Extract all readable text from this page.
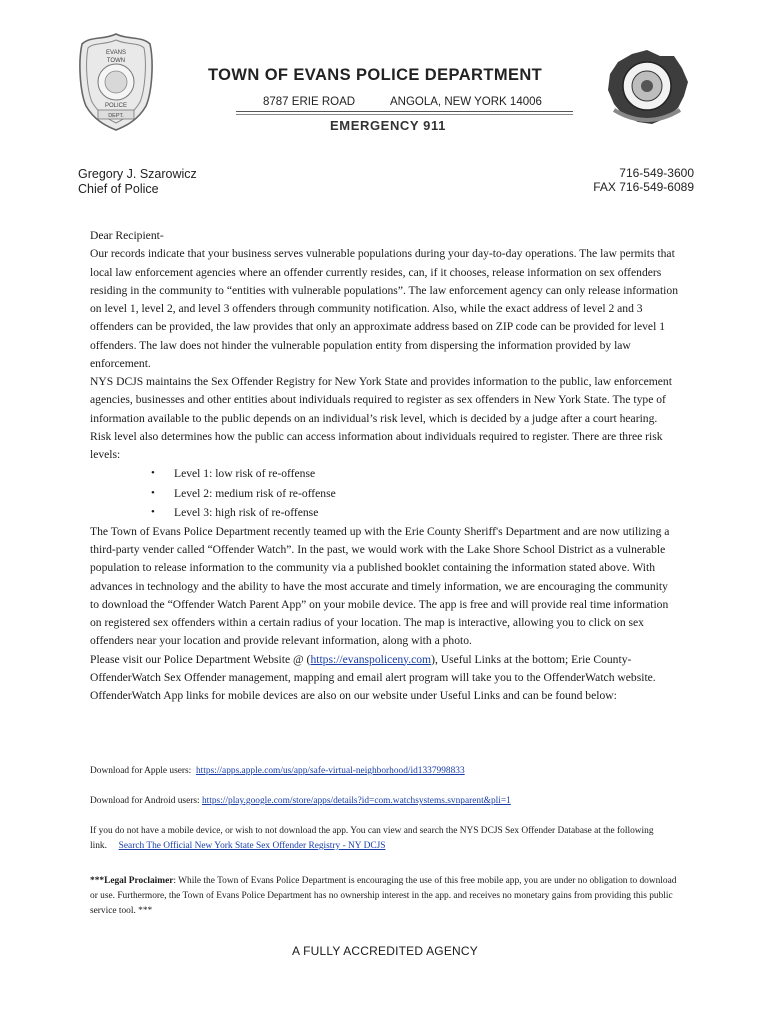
EVANS
TOWN
POLICE
DEPT.
TOWN OF EVANS POLICE DEPARTMENT
8787 ERIE ROAD	ANGOLA, NEW YORK 14006
EMERGENCY 911
Gregory J. Szarowicz
Chief of Police
716-549-3600
FAX 716-549-6089

Dear Recipient-

Our records indicate that your business serves vulnerable populations during your day-to-day operations. The law permits that local law enforcement agencies where an offender currently resides, can, if it chooses, release information on sex offenders residing in the community to “entities with vulnerable populations”. The law enforcement agency can only release information on level 1, level 2, and level 3 offenders through community notification. Also, while the exact address of level 2 and 3 offenders can be provided, the law provides that only an approximate address based on ZIP code can be provided for level 1 offenders. The law does not hinder the vulnerable population entity from dispersing the information provided by law enforcement.

NYS DCJS maintains the Sex Offender Registry for New York State and provides information to the public, law enforcement agencies, businesses and other entities about individuals required to register as sex offenders in New York State. The type of information available to the public depends on an individual’s risk level, which is decided by a judge after a court hearing. Risk level also determines how the public can access information about individuals required to register. There are three risk levels:

• Level 1: low risk of re-offense
• Level 2: medium risk of re-offense
• Level 3: high risk of re-offense

The Town of Evans Police Department recently teamed up with the Erie County Sheriff's Department and are now utilizing a third-party vender called “Offender Watch”. In the past, we would work with the Lake Shore School District as a vulnerable population to release information to the community via a published booklet containing the information stated above. With advances in technology and the ability to have the most accurate and timely information, we are encouraging the community to download the “Offender Watch Parent App” on your mobile device. The app is free and will provide real time information on registered sex offenders within a certain radius of your location. The map is interactive, allowing you to click on sex offenders near your location and provide relevant information, along with a photo.

Please visit our Police Department Website @ (https://evanspoliceny.com), Useful Links at the bottom; Erie County-OffenderWatch Sex Offender management, mapping and email alert program will take you to the OffenderWatch website. OffenderWatch App links for mobile devices are also on our website under Useful Links and can be found below:

Download for Apple users: https://apps.apple.com/us/app/safe-virtual-neighborhood/id1337998833

Download for Android users: https://play.google.com/store/apps/details?id=com.watchsystems.svnparent&pli=1

If you do not have a mobile device, or wish to not download the app. You can view and search the NYS DCJS Sex Offender Database at the following link. Search The Official New York State Sex Offender Registry - NY DCJS

***Legal Proclaimer: While the Town of Evans Police Department is encouraging the use of this free mobile app, you are under no obligation to download or use. Furthermore, the Town of Evans Police Department has no ownership interest in the app. and receives no monetary gains from providing this public service tool. ***

A FULLY ACCREDITED AGENCY
